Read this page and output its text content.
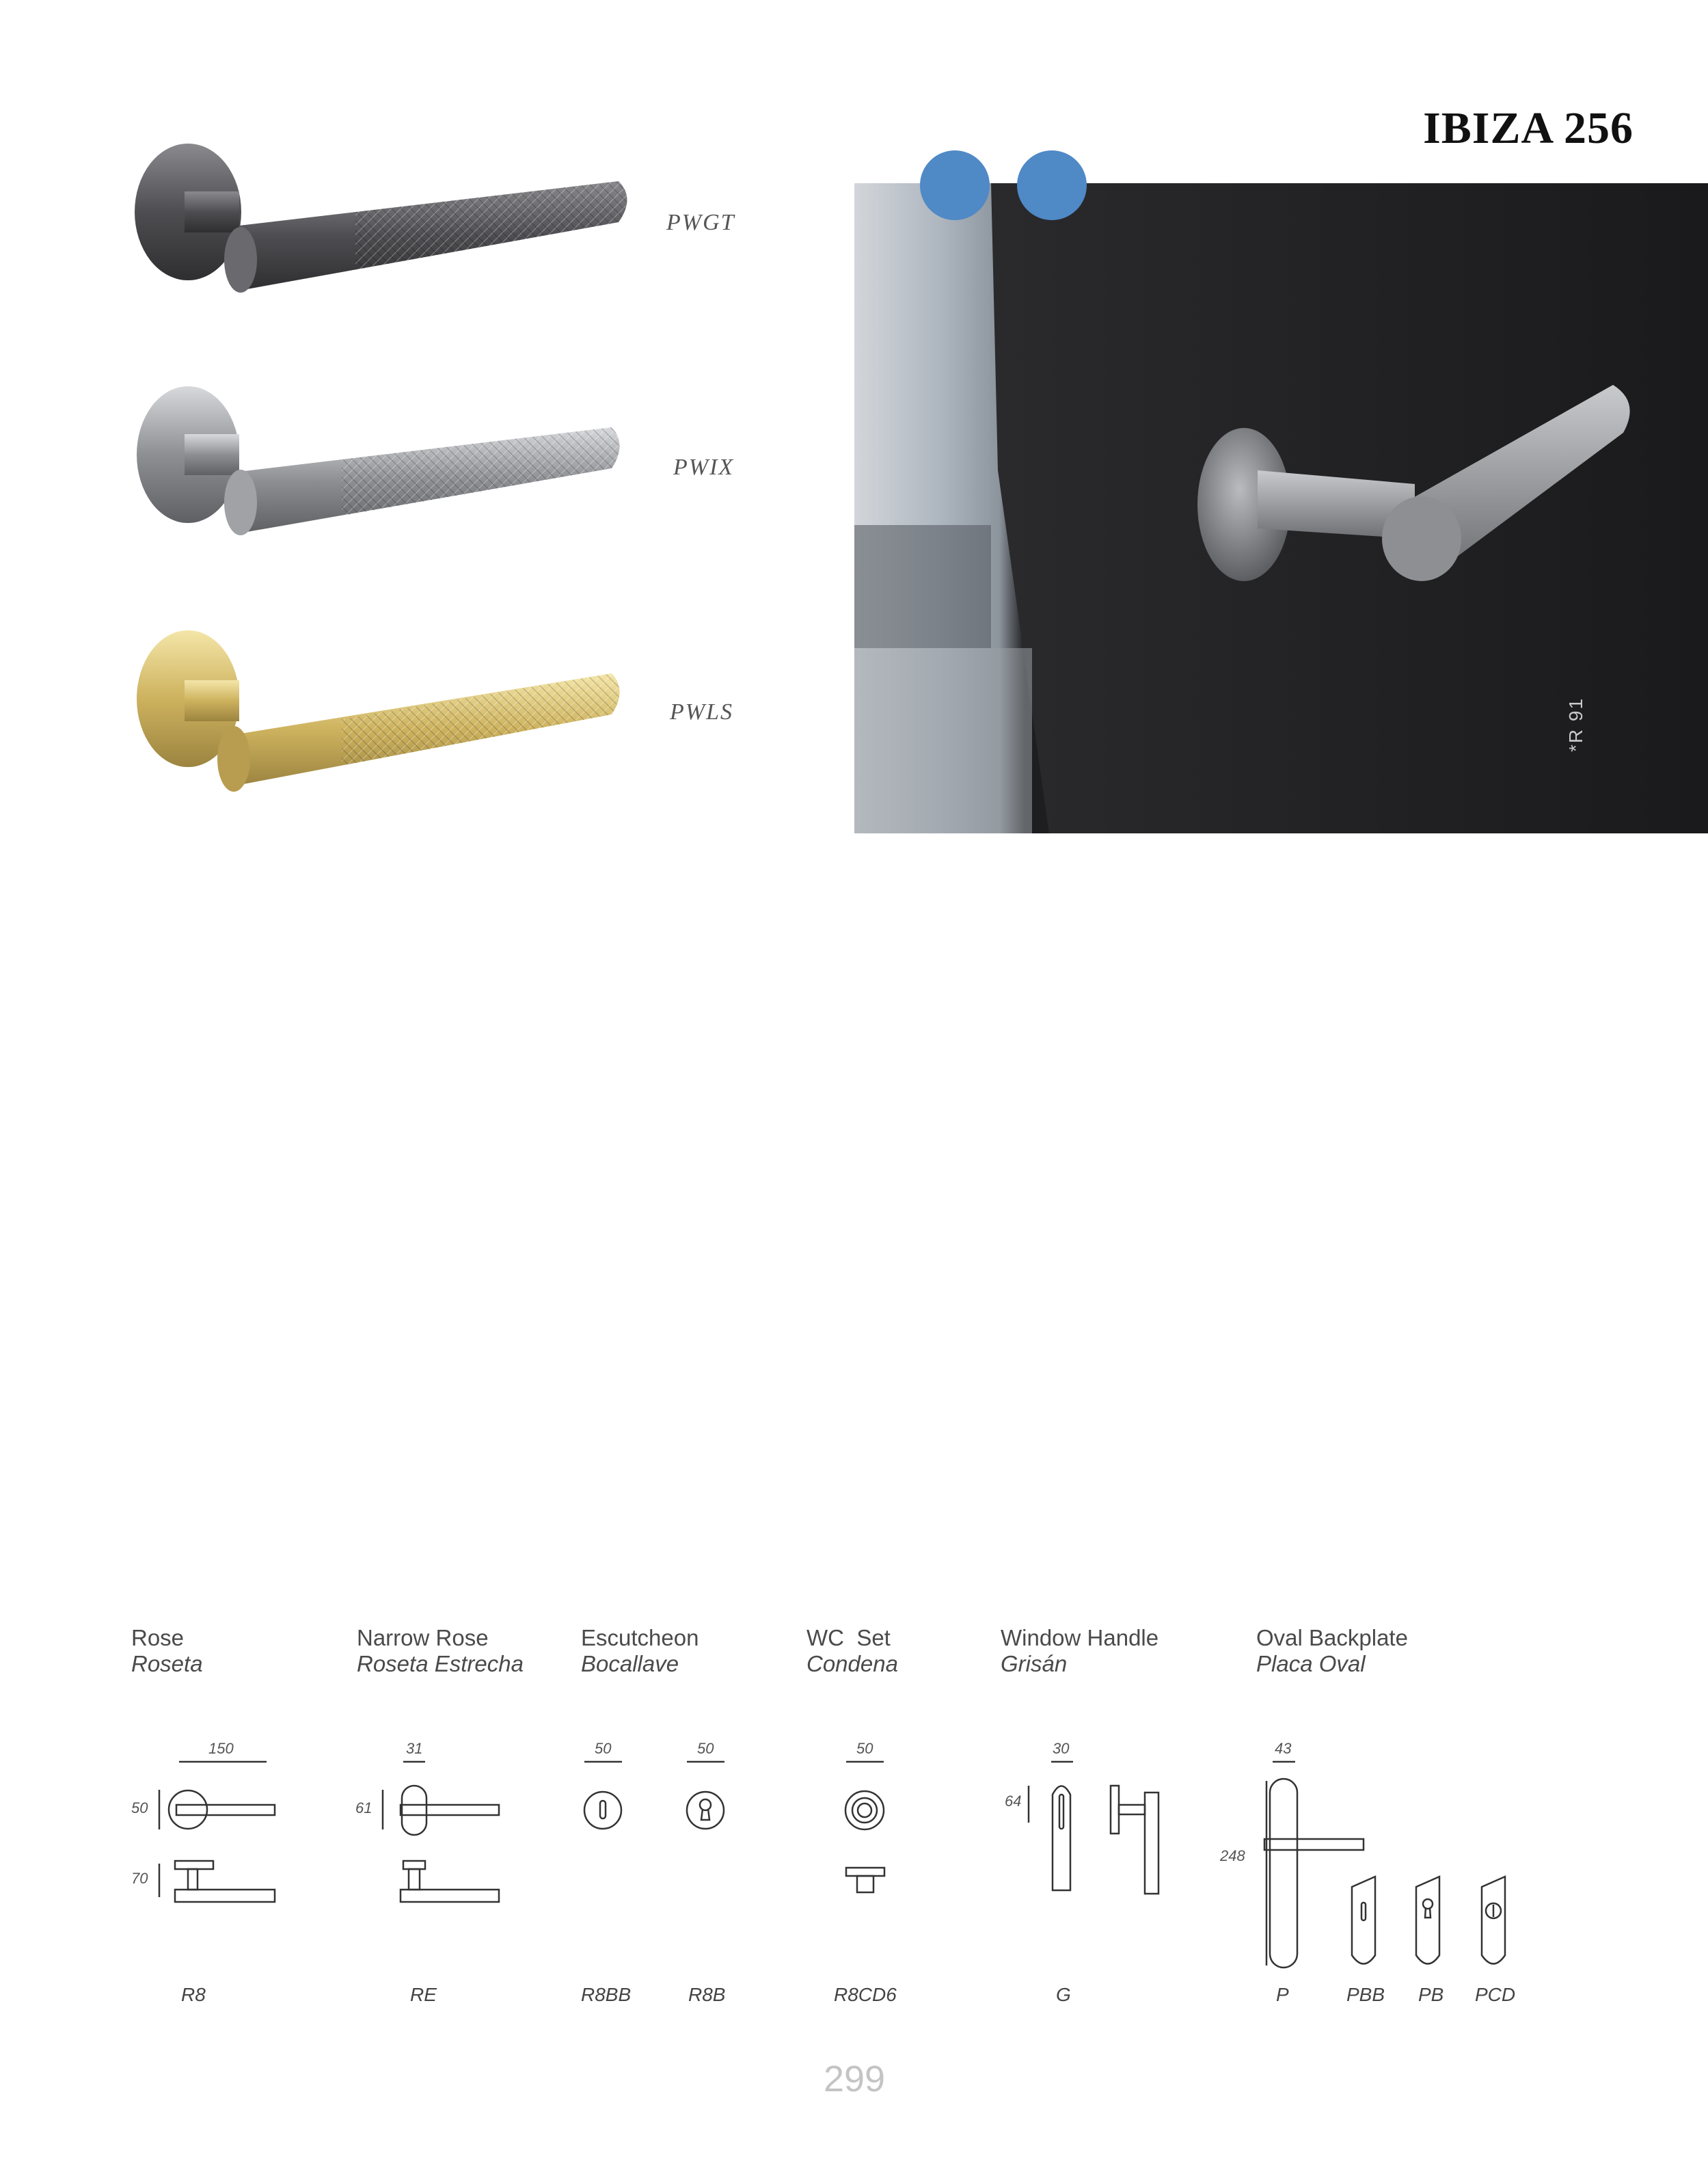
IBIZA 256
PWGT
PWIX
PWLS	*R 91
Rose
Roseta
Narrow Rose
Roseta Estrecha
Escutcheon
Bocallave
WC  Set
Condena
Window Handle
Grisán
Oval Backplate
Placa Oval
150
50
70
31
61
50	50	50	30
64
43
248
R8	RE	R8BB	R8B	R8CD6	G	P	PBB PB PCD
299
